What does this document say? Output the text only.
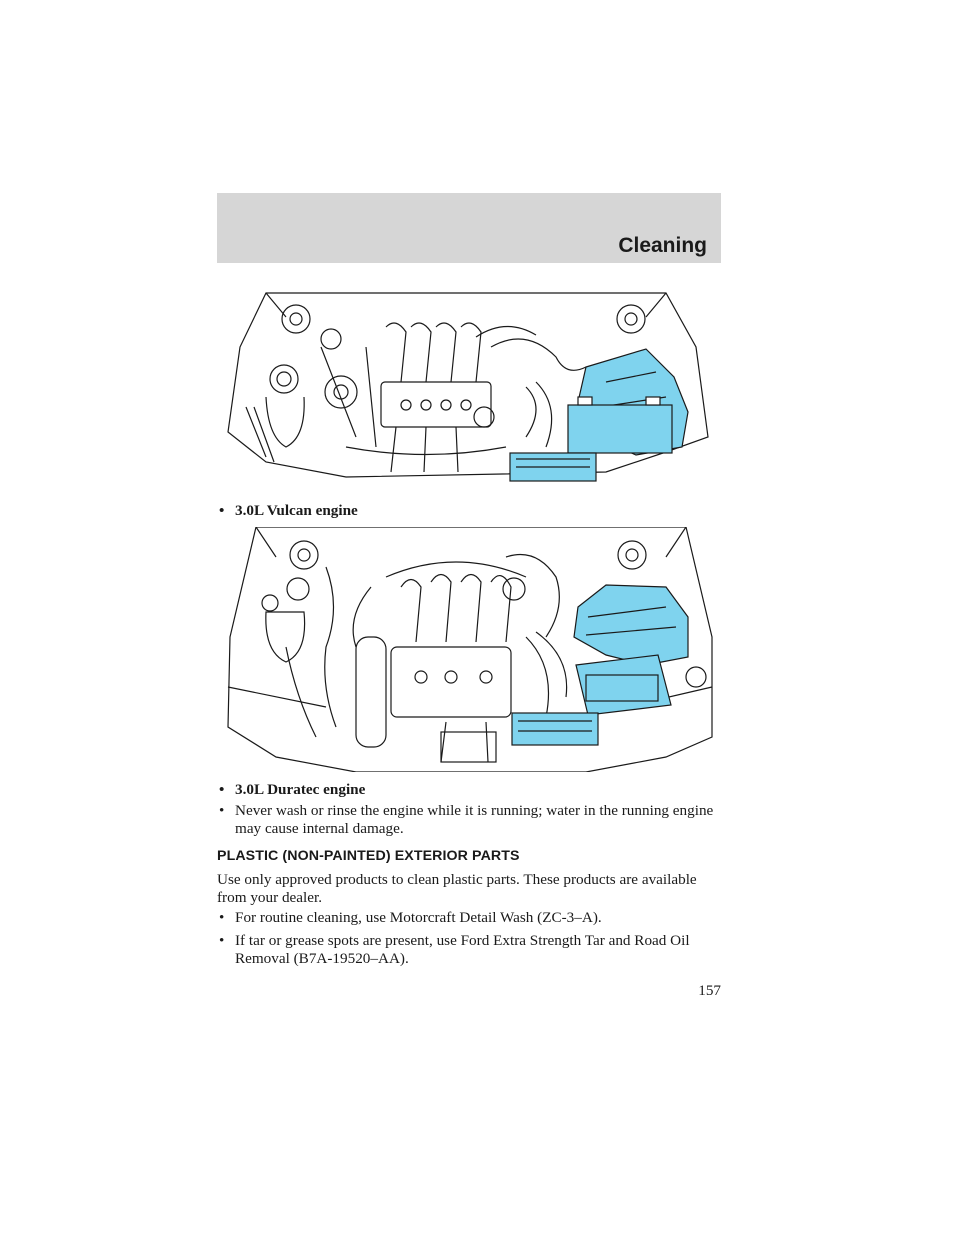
Cleaning
• 3.0L Vulcan engine
• 3.0L Duratec engine
• Never wash or rinse the engine while it is running; water in the running engine may cause internal damage.
PLASTIC (NON-PAINTED) EXTERIOR PARTS
Use only approved products to clean plastic parts. These products are available from your dealer.
• For routine cleaning, use Motorcraft Detail Wash (ZC-3–A).
• If tar or grease spots are present, use Ford Extra Strength Tar and Road Oil Removal (B7A-19520–AA).
157
